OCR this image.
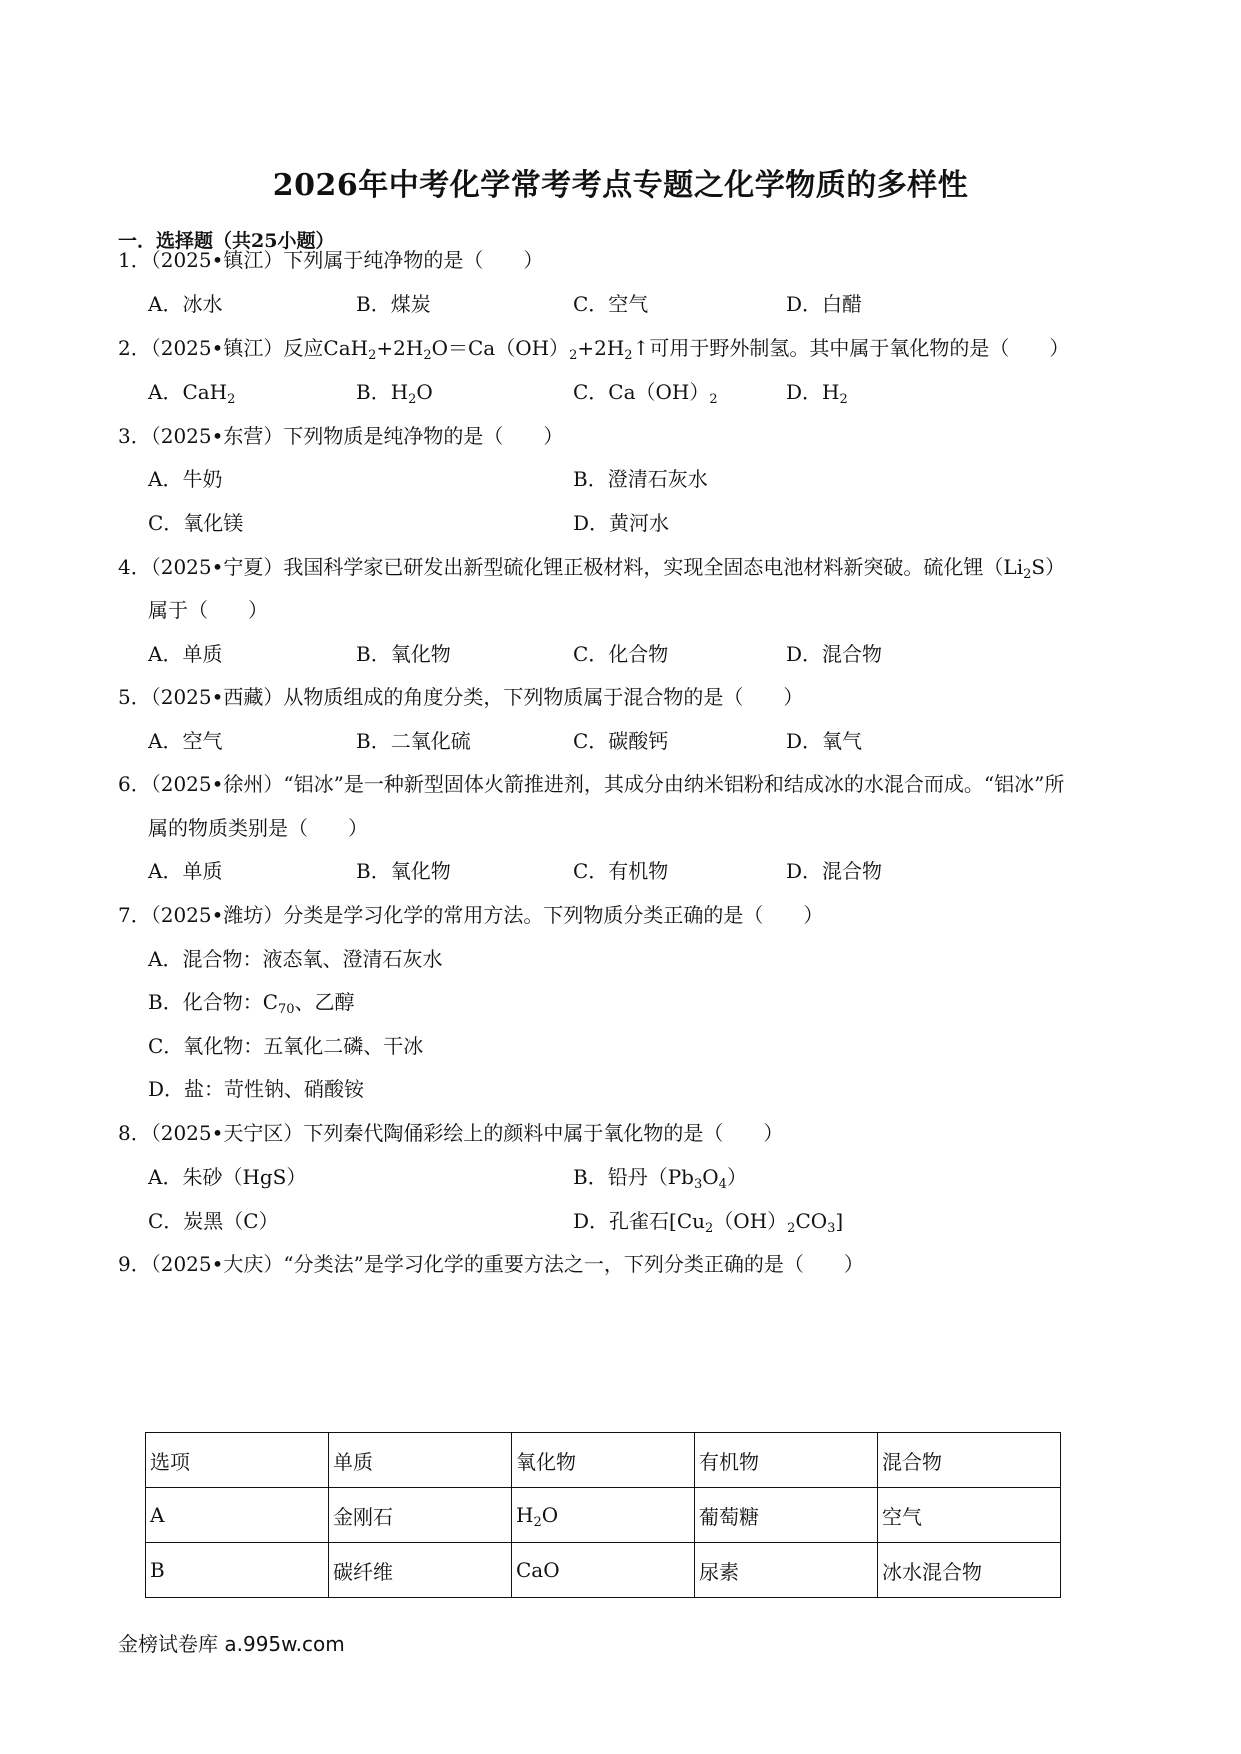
2026年中考化学常考考点专题之化学物质的多样性
一．选择题（共25小题）
1．（2025•镇江）下列属于纯净物的是（　　）
A．冰水	B．煤炭	C．空气	D．白醋
2．（2025•镇江）反应$CaH_2+2H_2O=Ca(OH)_2+2H_2↑$可用于野外制氢。其中属于氧化物的是（　　）
A．CaH$_2$	B．$H_2O$	C．$Ca(OH)_2$	D．$H_2$
3．（2025•东营）下列物质是纯净物的是（　　）
A．牛奶	B．澄清石灰水
C．氧化镁	D．黄河水
4．（2025•宁夏）我国科学家已研发出新型硫化锂正极材料，实现全固态电池材料新突破。硫化锂$(Li_2S)$
属于（　　）
A．单质	B．氧化物	C．化合物	D．混合物
5．（2025•西藏）从物质组成的角度分类，下列物质属于混合物的是（　　）
A．空气	B．二氧化硫	C．碳酸钙	D．氧气
6．（2025•徐州）“铝冰”是一种新型固体火箭推进剂，其成分由纳米铝粉和结成冰的水混合而成。“铝冰”所
属的物质类别是（　　）
A．单质	B．氧化物	C．有机物	D．混合物
7．（2025•潍坊）分类是学习化学的常用方法。下列物质分类正确的是（　　）
A．混合物：液态氧、澄清石灰水
B．化合物：$C_{70}$、乙醇
C．氧化物：五氧化二磷、干冰
D．盐：苛性钠、硝酸铵
8．（2025•天宁区）下列秦代陶俑彩绘上的颜料中属于氧化物的是（　　）
A．朱砂（HgS）	B．铅丹$(Pb_3O_4)$
C．炭黑（C）	D．孔雀石$[Cu_2(OH)_2CO_3]$
9．（2025•大庆）“分类法”是学习化学的重要方法之一，下列分类正确的是（　　）
选项	单质	氧化物	有机物	混合物
A	金刚石	$H_2O$	葡萄糖	空气
B	碳纤维	CaO	尿素	冰水混合物
金榜试卷库 a.995w.com
